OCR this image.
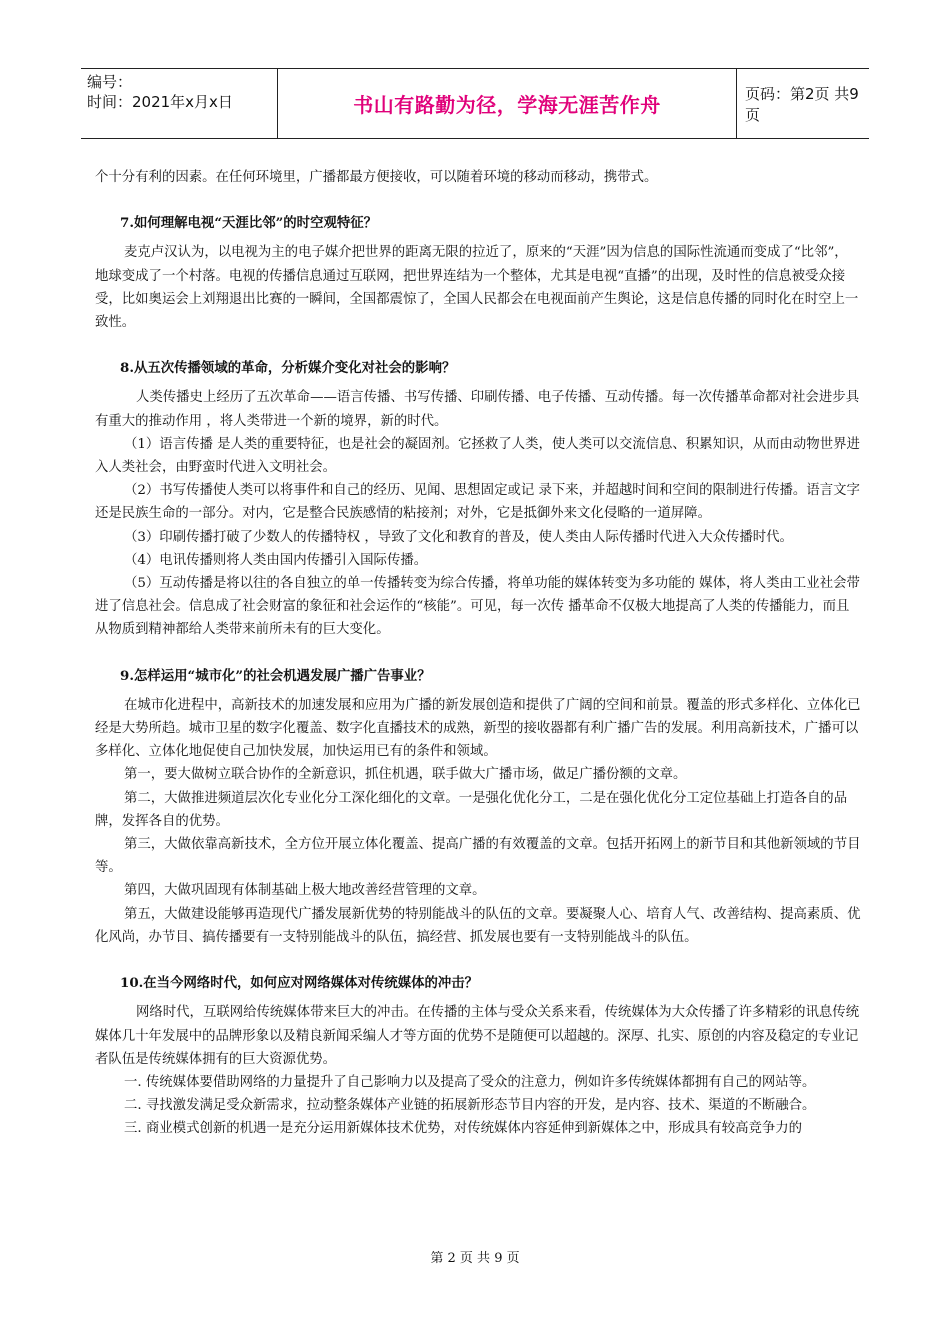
编号：
时间：2021年x月x日	书山有路勤为径，学海无涯苦作舟	页码：第2页 共9页

个十分有利的因素。在任何环境里，广播都最方便接收，可以随着环境的移动而移动，携带式。

7.如何理解电视“天涯比邻”的时空观特征？

麦克卢汉认为，以电视为主的电子媒介把世界的距离无限的拉近了，原来的“天涯”因为信息的国际性流通而变成了“比邻”，地球变成了一个村落。电视的传播信息通过互联网，把世界连结为一个整体，尤其是电视“直播”的出现，及时性的信息被受众接受，比如奥运会上刘翔退出比赛的一瞬间，全国都震惊了，全国人民都会在电视面前产生舆论，这是信息传播的同时化在时空上一致性。

8.从五次传播领域的革命，分析媒介变化对社会的影响？

人类传播史上经历了五次革命——语言传播、书写传播、印刷传播、电子传播、互动传播。每一次传播革命都对社会进步具有重大的推动作用 ，将人类带进一个新的境界，新的时代。

（1）语言传播 是人类的重要特征，也是社会的凝固剂。它拯救了人类，使人类可以交流信息、积累知识，从而由动物世界进 入人类社会，由野蛮时代进入文明社会。

（2）书写传播使人类可以将事件和自己的经历、见闻、思想固定或记 录下来，并超越时间和空间的限制进行传播。语言文字还是民族生命的一部分。对内，它是整合民族感情的粘接剂；对外，它是抵御外来文化侵略的一道屏障。

（3）印刷传播打破了少数人的传播特权 ，导致了文化和教育的普及，使人类由人际传播时代进入大众传播时代。

（4）电讯传播则将人类由国内传播引入国际传播。

（5）互动传播是将以往的各自独立的单一传播转变为综合传播，将单功能的媒体转变为多功能的 媒体，将人类由工业社会带进了信息社会。信息成了社会财富的象征和社会运作的“核能”。可见，每一次传 播革命不仅极大地提高了人类的传播能力，而且从物质到精神都给人类带来前所未有的巨大变化。

9.怎样运用“城市化”的社会机遇发展广播广告事业？

在城市化进程中，高新技术的加速发展和应用为广播的新发展创造和提供了广阔的空间和前景。覆盖的形式多样化、立体化已经是大势所趋。城市卫星的数字化覆盖、数字化直播技术的成熟，新型的接收器都有利广播广告的发展。利用高新技术，广播可以多样化、立体化地促使自己加快发展，加快运用已有的条件和领域。

第一，要大做树立联合协作的全新意识，抓住机遇，联手做大广播市场，做足广播份额的文章。

第二，大做推进频道层次化专业化分工深化细化的文章。一是强化优化分工，二是在强化优化分工定位基础上打造各自的品牌，发挥各自的优势。

第三，大做依靠高新技术，全方位开展立体化覆盖、提高广播的有效覆盖的文章。包括开拓网上的新节目和其他新领域的节目等。

第四，大做巩固现有体制基础上极大地改善经营管理的文章。

第五，大做建设能够再造现代广播发展新优势的特别能战斗的队伍的文章。要凝聚人心、培育人气、改善结构、提高素质、优化风尚，办节目、搞传播要有一支特别能战斗的队伍，搞经营、抓发展也要有一支特别能战斗的队伍。

10.在当今网络时代，如何应对网络媒体对传统媒体的冲击？

网络时代，互联网给传统媒体带来巨大的冲击。在传播的主体与受众关系来看，传统媒体为大众传播了许多精彩的讯息传统媒体几十年发展中的品牌形象以及精良新闻采编人才等方面的优势不是随便可以超越的。深厚、扎实、原创的内容及稳定的专业记者队伍是传统媒体拥有的巨大资源优势。

一. 传统媒体要借助网络的力量提升了自己影响力以及提高了受众的注意力，例如许多传统媒体都拥有自己的网站等。

二. 寻找激发满足受众新需求，拉动整条媒体产业链的拓展新形态节目内容的开发，是内容、技术、渠道的不断融合。

三. 商业模式创新的机遇一是充分运用新媒体技术优势，对传统媒体内容延伸到新媒体之中，形成具有较高竞争力的

第 2 页 共 9 页
